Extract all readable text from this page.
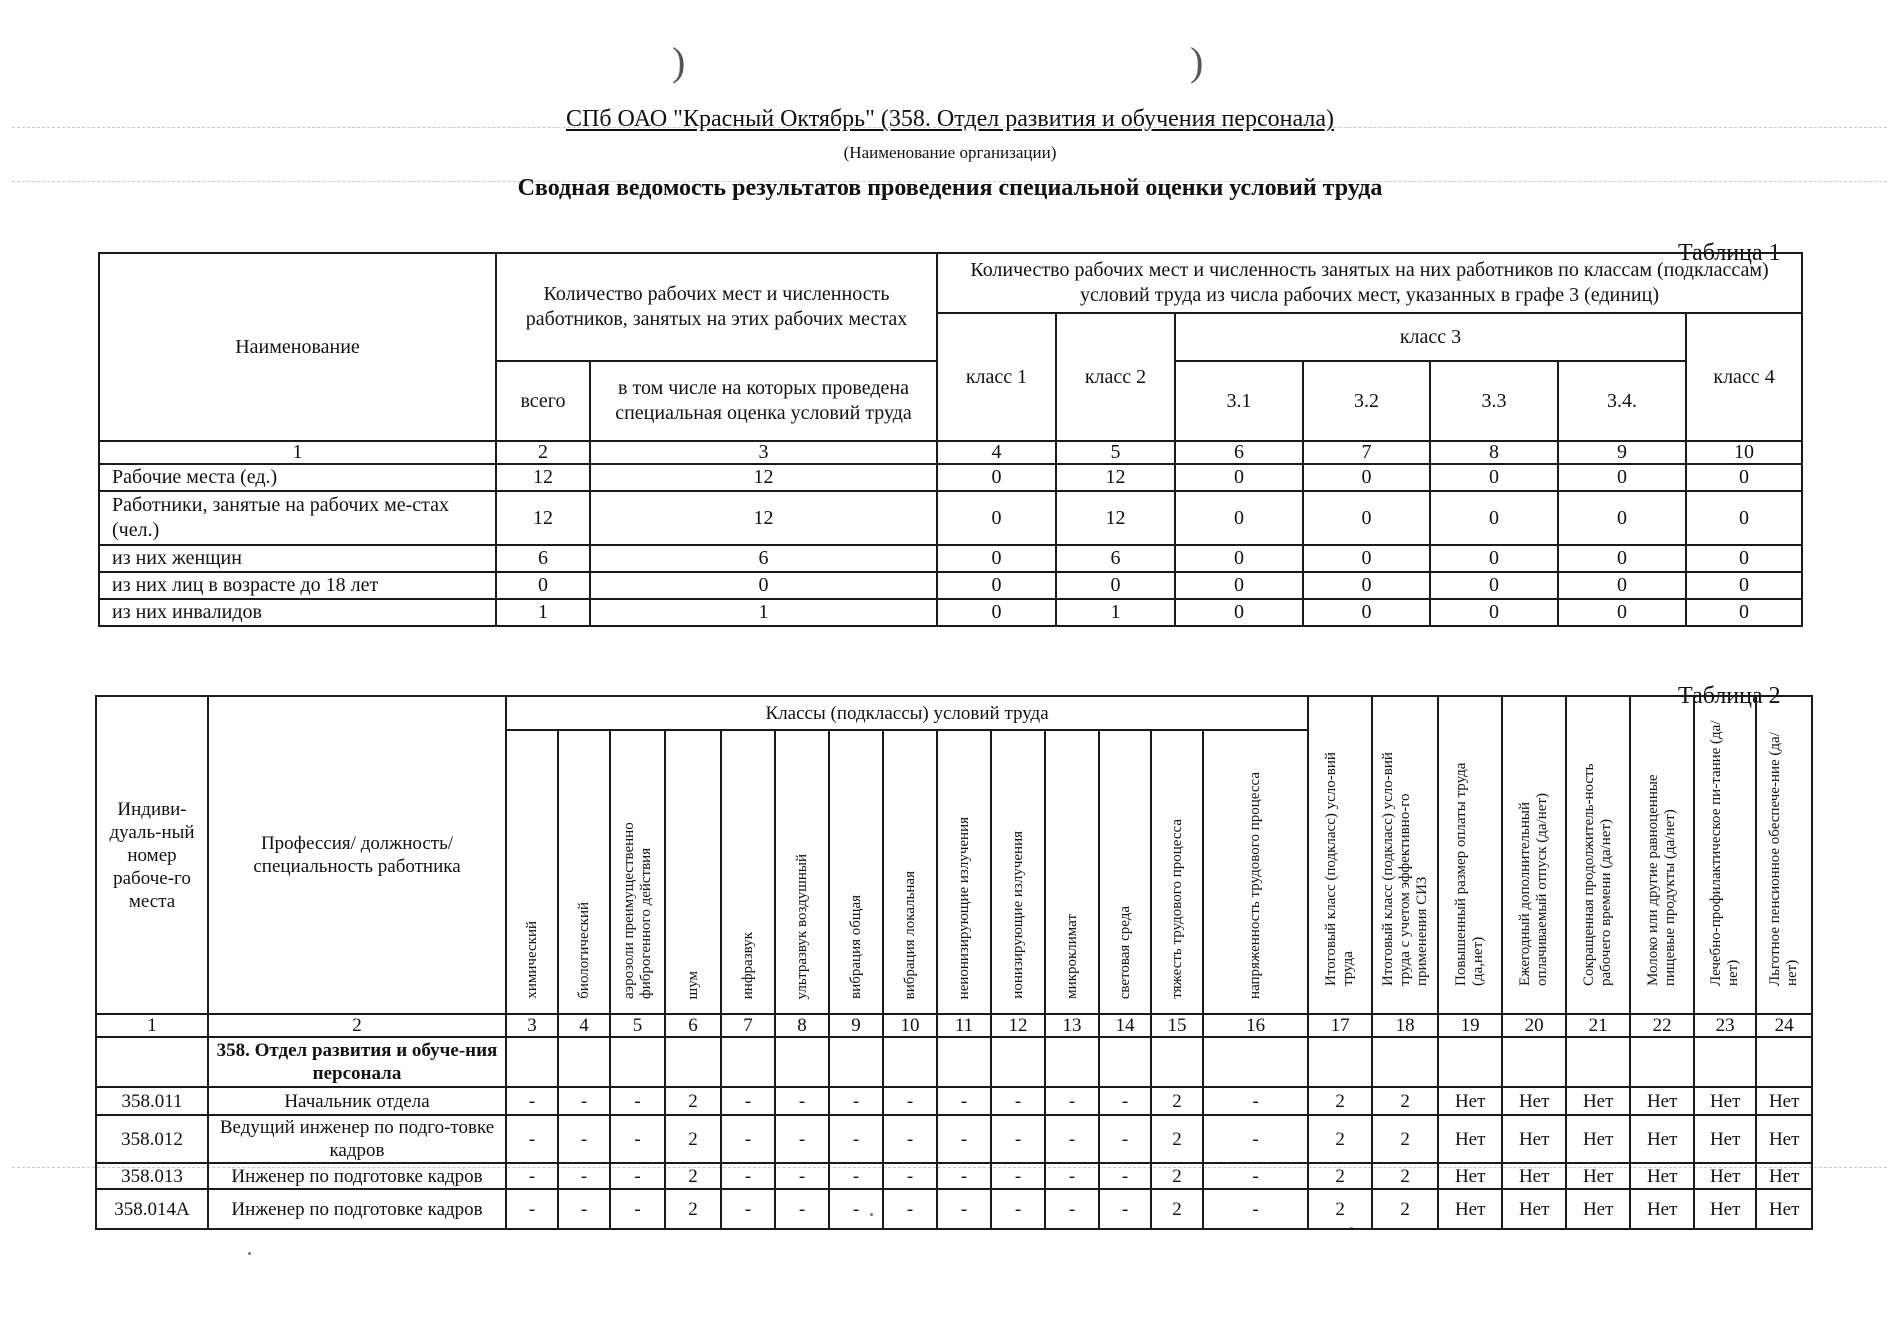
)	)
СПб ОАО "Красный Октябрь" (358. Отдел развития и обучения персонала)
(Наименование организации)
Сводная ведомость результатов проведения специальной оценки условий труда
Таблица 1
Наименование	Количество рабочих мест и численность работников, занятых на этих рабочих местах		Количество рабочих мест и численность занятых на них работников по классам (подклассам) условий труда из числа рабочих мест, указанных в графе 3 (единиц)						
			класс 1	класс 2	класс 3				класс 4
	всего	в том числе на которых проведена специальная оценка условий труда			3.1	3.2	3.3	3.4.	
1	2	3	4	5	6	7	8	9	10
Рабочие места (ед.)	12	12	0	12	0	0	0	0	0
Работники, занятые на рабочих ме-стах (чел.)	12	12	0	12	0	0	0	0	0
из них женщин	6	6	0	6	0	0	0	0	0
из них лиц в возрасте до 18 лет	0	0	0	0	0	0	0	0	0
из них инвалидов	1	1	0	1	0	0	0	0	0
Таблица 2
Индиви-дуаль-ный номер рабоче-го места	Профессия/ должность/ специальность работника	Классы (подклассы) условий труда														Итоговый класс (подкласс) усло-вий труда	Итоговый класс (подкласс) усло-вий труда с учетом эффективно-го применения СИЗ	Повышенный размер оплаты труда (да,нет)	Ежегодный дополнительный оплачиваемый отпуск (да/нет)	Сокращенная продолжитель-ность рабочего времени (да/нет)	Молоко или другие равноценные пищевые продукты (да/нет)	Лечебно-профилактическое пи-тание (да/нет)	Льготное пенсионное обеспече-ние (да/нет)
		химический	биологический	аэрозоли преимущественно фиброгенного действия	шум	инфразвук	ультразвук воздушный	вибрация общая	вибрация локальная	неионизирующие излучения	ионизирующие излучения	микроклимат	световая среда	тяжесть трудового процесса	напряженность трудового процесса								
1	2	3	4	5	6	7	8	9	10	11	12	13	14	15	16	17	18	19	20	21	22	23	24
	358. Отдел развития и обуче-ния персонала																						
358.011	Начальник отдела	-	-	-	2	-	-	-	-	-	-	-	-	2	-	2	2	Нет	Нет	Нет	Нет	Нет	Нет
358.012	Ведущий инженер по подго-товке кадров	-	-	-	2	-	-	-	-	-	-	-	-	2	-	2	2	Нет	Нет	Нет	Нет	Нет	Нет
358.013	Инженер по подготовке кадров	-	-	-	2	-	-	-	-	-	-	-	-	2	-	2	2	Нет	Нет	Нет	Нет	Нет	Нет
358.014А	Инженер по подготовке кадров	-	-	-	2	-	-	-	-	-	-	-	-	2	-	2	2	Нет	Нет	Нет	Нет	Нет	Нет
